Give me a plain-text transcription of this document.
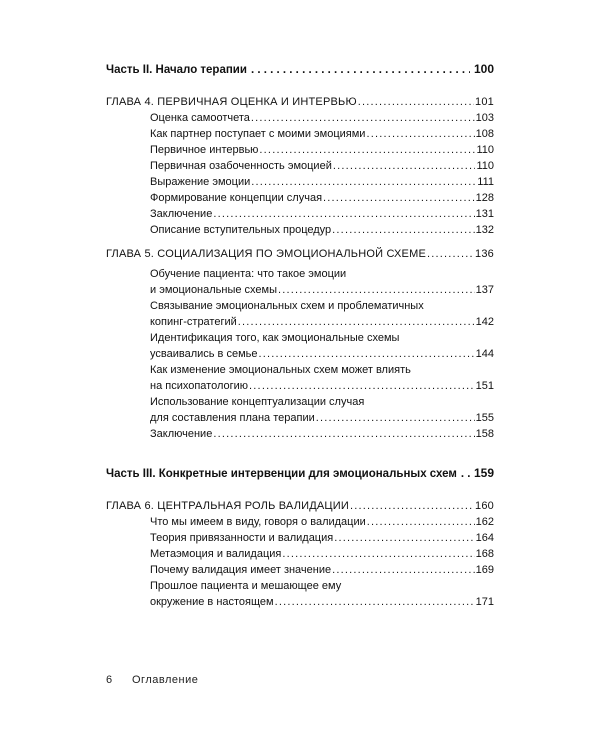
Часть II. Начало терапии . . .	100
ГЛАВА 4. ПЕРВИЧНАЯ ОЦЕНКА И ИНТЕРВЬЮ .....	101
Оценка самоотчета .....	103
Как партнер поступает с моими эмоциями .....	108
Первичное интервью .....	110
Первичная озабоченность эмоцией .....	110
Выражение эмоции .....	111
Формирование концепции случая .....	128
Заключение .....	131
Описание вступительных процедур .....	132
ГЛАВА 5. СОЦИАЛИЗАЦИЯ ПО ЭМОЦИОНАЛЬНОЙ СХЕМЕ .....	136
Обучение пациента: что такое эмоции
и эмоциональные схемы .....	137
Связывание эмоциональных схем и проблематичных
копинг-стратегий .....	142
Идентификация того, как эмоциональные схемы
усваивались в семье .....	144
Как изменение эмоциональных схем может влиять
на психопатологию .....	151
Использование концептуализации случая
для составления плана терапии .....	155
Заключение .....	158
Часть III. Конкретные интервенции для эмоциональных схем . . . 159
ГЛАВА 6. ЦЕНТРАЛЬНАЯ РОЛЬ ВАЛИДАЦИИ .....	160
Что мы имеем в виду, говоря о валидации .....	162
Теория привязанности и валидация .....	164
Метаэмоция и валидация .....	168
Почему валидация имеет значение .....	169
Прошлое пациента и мешающее ему
окружение в настоящем .....	171
6 Оглавление
